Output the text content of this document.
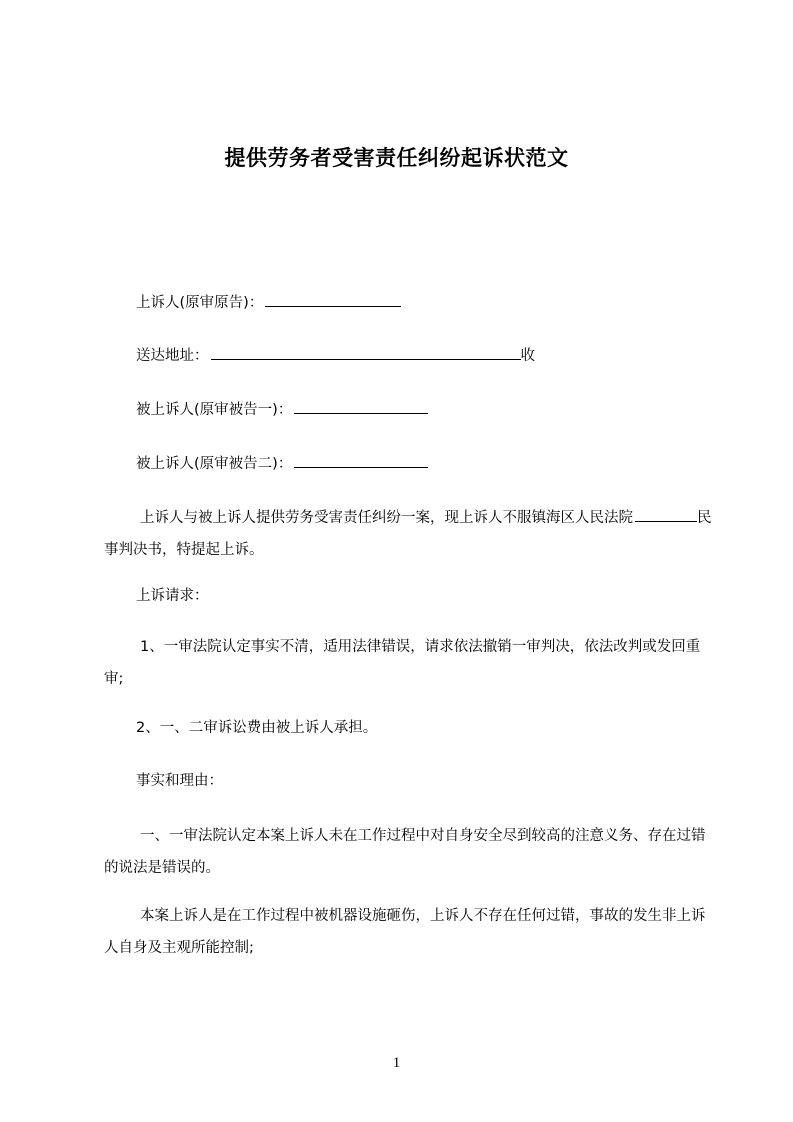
提供劳务者受害责任纠纷起诉状范文
上诉人(原审原告)：
送达地址：	收
被上诉人(原审被告一)：
被上诉人(原审被告二)：
上诉人与被上诉人提供劳务受害责任纠纷一案，现上诉人不服镇海区人民法院	民事判决书，特提起上诉。
上诉请求：
1、一审法院认定事实不清，适用法律错误，请求依法撤销一审判决，依法改判或发回重审;
2、一、二审诉讼费由被上诉人承担。
事实和理由：
一、一审法院认定本案上诉人未在工作过程中对自身安全尽到较高的注意义务、存在过错的说法是错误的。
本案上诉人是在工作过程中被机器设施砸伤，上诉人不存在任何过错，事故的发生非上诉人自身及主观所能控制;
1
